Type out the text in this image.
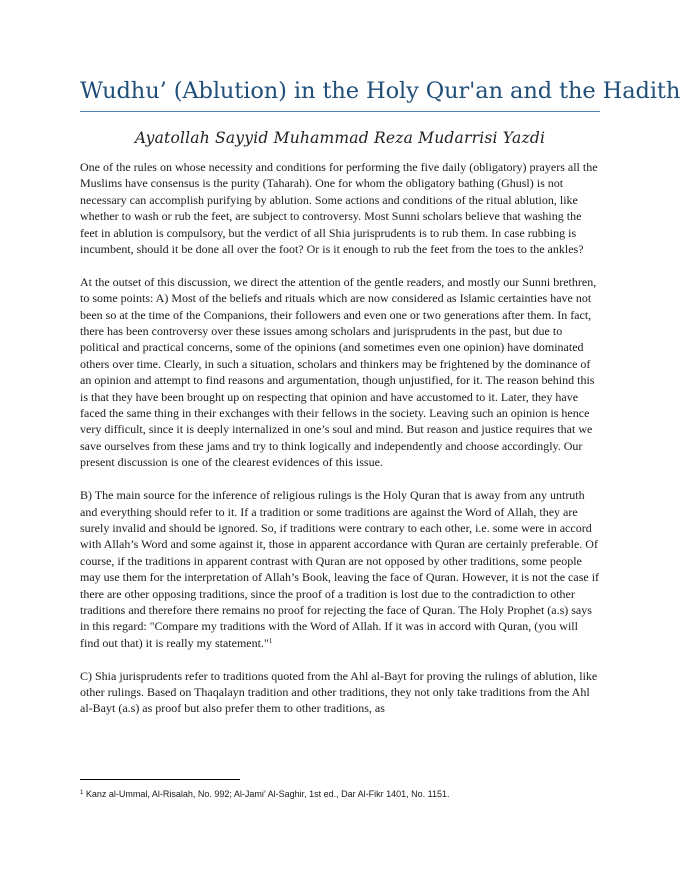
Wudhu’ (Ablution) in the Holy Qur'an and the Hadith
Ayatollah Sayyid Muhammad Reza Mudarrisi Yazdi

One of the rules on whose necessity and conditions for performing the five daily (obligatory) prayers all the Muslims have consensus is the purity (Taharah). One for whom the obligatory bathing (Ghusl) is not necessary can accomplish purifying by ablution. Some actions and conditions of the ritual ablution, like whether to wash or rub the feet, are subject to controversy. Most Sunni scholars believe that washing the feet in ablution is compulsory, but the verdict of all Shia jurisprudents is to rub them. In case rubbing is incumbent, should it be done all over the foot? Or is it enough to rub the feet from the toes to the ankles?

At the outset of this discussion, we direct the attention of the gentle readers, and mostly our Sunni brethren, to some points: A) Most of the beliefs and rituals which are now considered as Islamic certainties have not been so at the time of the Companions, their followers and even one or two generations after them. In fact, there has been controversy over these issues among scholars and jurisprudents in the past, but due to political and practical concerns, some of the opinions (and sometimes even one opinion) have dominated others over time. Clearly, in such a situation, scholars and thinkers may be frightened by the dominance of an opinion and attempt to find reasons and argumentation, though unjustified, for it. The reason behind this is that they have been brought up on respecting that opinion and have accustomed to it. Later, they have faced the same thing in their exchanges with their fellows in the society. Leaving such an opinion is hence very difficult, since it is deeply internalized in one’s soul and mind. But reason and justice requires that we save ourselves from these jams and try to think logically and independently and choose accordingly. Our present discussion is one of the clearest evidences of this issue.

B) The main source for the inference of religious rulings is the Holy Quran that is away from any untruth and everything should refer to it. If a tradition or some traditions are against the Word of Allah, they are surely invalid and should be ignored. So, if traditions were contrary to each other, i.e. some were in accord with Allah’s Word and some against it, those in apparent accordance with Quran are certainly preferable. Of course, if the traditions in apparent contrast with Quran are not opposed by other traditions, some people may use them for the interpretation of Allah’s Book, leaving the face of Quran. However, it is not the case if there are other opposing traditions, since the proof of a tradition is lost due to the contradiction to other traditions and therefore there remains no proof for rejecting the face of Quran. The Holy Prophet (a.s) says in this regard: "Compare my traditions with the Word of Allah. If it was in accord with Quran, (you will find out that) it is really my statement."$^1$

C) Shia jurisprudents refer to traditions quoted from the Ahl al-Bayt for proving the rulings of ablution, like other rulings. Based on Thaqalayn tradition and other traditions, they not only take traditions from the Ahl al-Bayt (a.s) as proof but also prefer them to other traditions, as

$^1$ Kanz al-Ummal, Al-Risalah, No. 992; Al-Jami’ Al-Saghir, 1st ed., Dar Al-Fikr 1401, No. 1151.
